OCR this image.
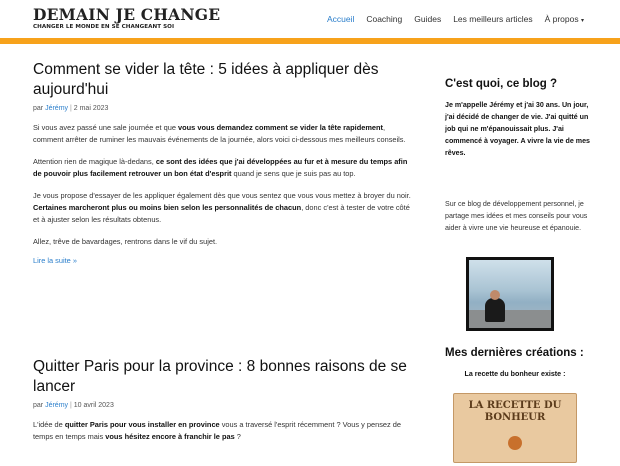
DEMAIN JE CHANGE
CHANGER LE MONDE EN SE CHANGEANT SOI
Accueil Coaching Guides Les meilleurs articles À propos ▾
Comment se vider la tête : 5 idées à appliquer dès aujourd'hui
par Jérémy | 2 mai 2023

Si vous avez passé une sale journée et que vous vous demandez comment se vider la tête rapidement, comment arrêter de ruminer les mauvais événements de la journée, alors voici ci-dessous mes meilleurs conseils.

Attention rien de magique là-dedans, ce sont des idées que j'ai développées au fur et à mesure du temps afin de pouvoir plus facilement retrouver un bon état d'esprit quand je sens que je suis pas au top.

Je vous propose d'essayer de les appliquer également dès que vous sentez que vous vous mettez à broyer du noir. Certaines marcheront plus ou moins bien selon les personnalités de chacun, donc c'est à tester de votre côté et à ajuster selon les résultats obtenus.

Allez, trêve de bavardages, rentrons dans le vif du sujet.

Lire la suite »
Quitter Paris pour la province : 8 bonnes raisons de se lancer
par Jérémy | 10 avril 2023

L'idée de quitter Paris pour vous installer en province vous a traversé l'esprit récemment ? Vous y pensez de temps en temps mais vous hésitez encore à franchir le pas ?

C'est quoi, ce blog ?

Je m'appelle Jérémy et j'ai 30 ans. Un jour, j'ai décidé de changer de vie. J'ai quitté un job qui ne m'épanouissait plus. J'ai commencé à voyager. A vivre la vie de mes rêves.

Sur ce blog de développement personnel, je partage mes idées et mes conseils pour vous aider à vivre une vie heureuse et épanouie.

Mes dernières créations :

La recette du bonheur existe :

LA RECETTE DU BONHEUR
